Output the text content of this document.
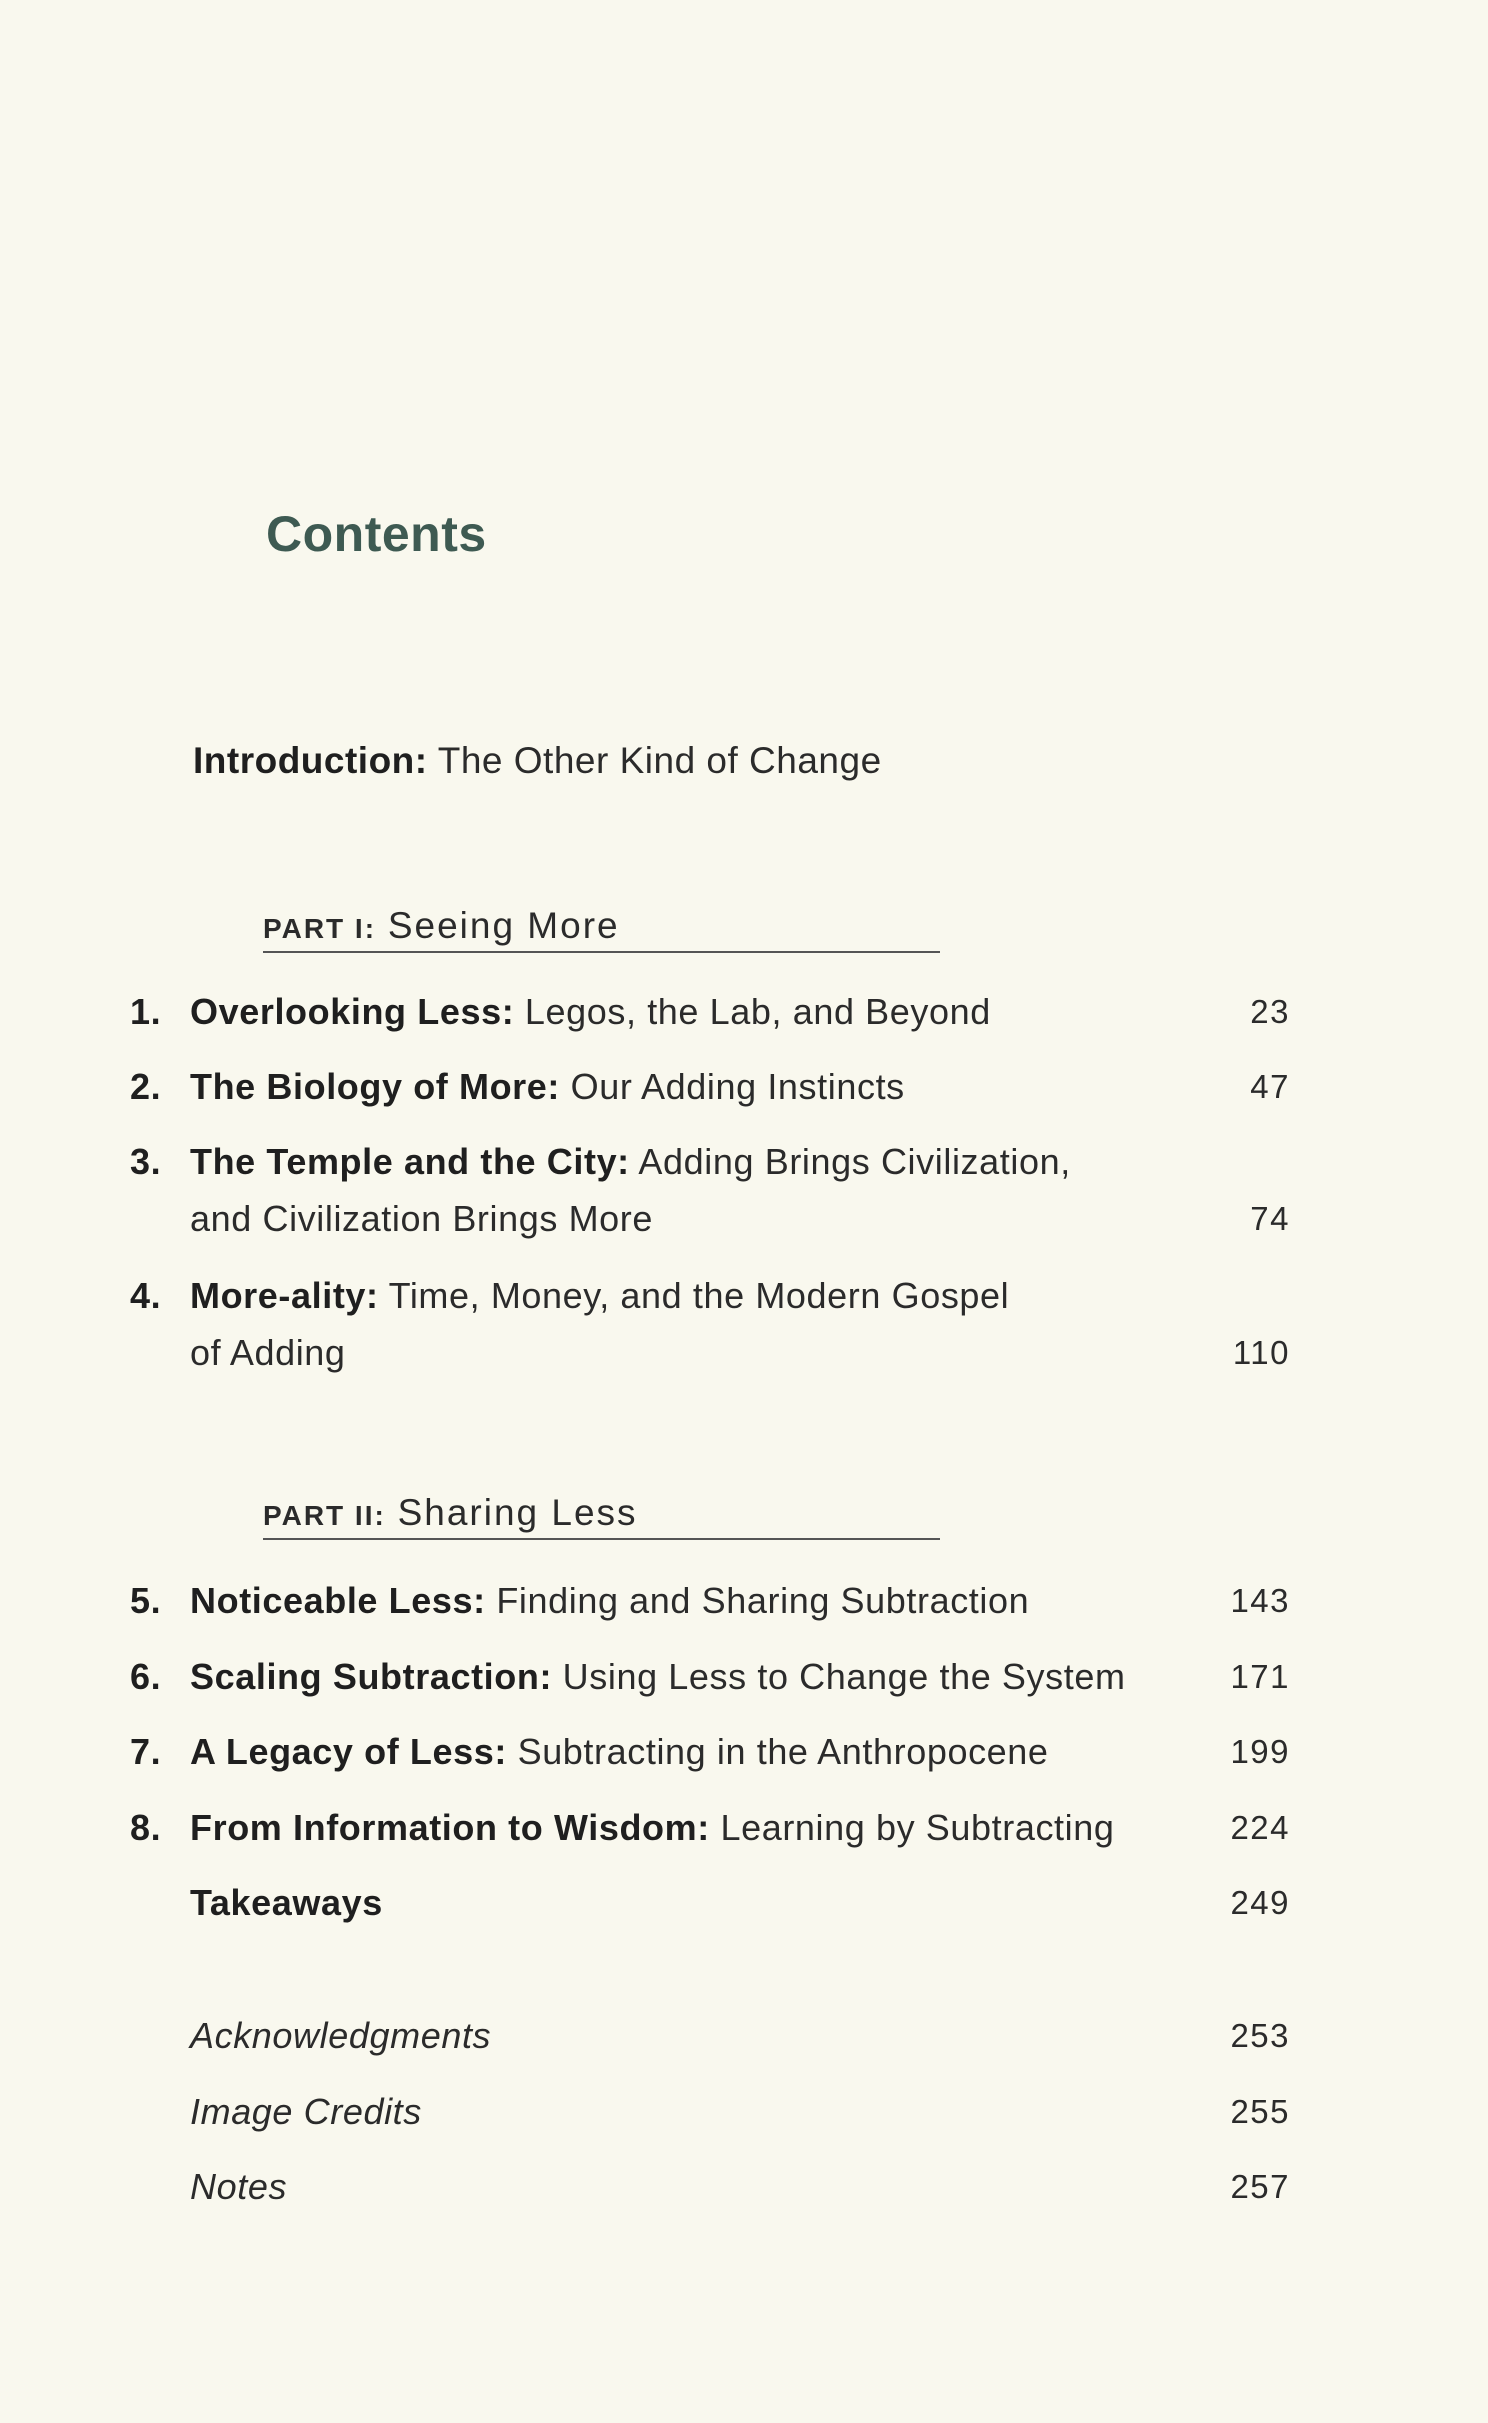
Contents
Introduction: The Other Kind of Change
PART I: Seeing More
1. Overlooking Less: Legos, the Lab, and Beyond	23
2. The Biology of More: Our Adding Instincts	47
3. The Temple and the City: Adding Brings Civilization,
and Civilization Brings More	74
4. More-ality: Time, Money, and the Modern Gospel
of Adding	110
PART II: Sharing Less
5. Noticeable Less: Finding and Sharing Subtraction	143
6. Scaling Subtraction: Using Less to Change the System	171
7. A Legacy of Less: Subtracting in the Anthropocene	199
8. From Information to Wisdom: Learning by Subtracting	224
Takeaways	249
Acknowledgments	253
Image Credits	255
Notes	257
